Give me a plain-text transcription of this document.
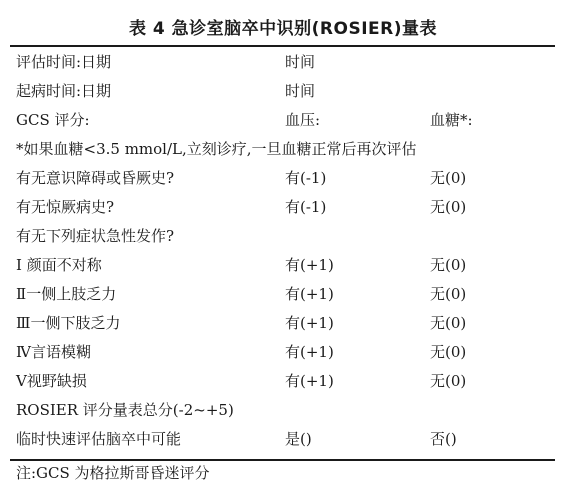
表 4 急诊室脑卒中识别(ROSIER)量表
评估时间:日期	时间
起病时间:日期	时间
GCS 评分:	血压:	血糖*:
*如果血糖<3.5 mmol/L,立刻诊疗,一旦血糖正常后再次评估
有无意识障碍或昏厥史?	有(-1)	无(0)
有无惊厥病史?	有(-1)	无(0)
有无下列症状急性发作?
Ⅰ 颜面不对称	有(+1)	无(0)
Ⅱ一侧上肢乏力	有(+1)	无(0)
Ⅲ一侧下肢乏力	有(+1)	无(0)
Ⅳ言语模糊	有(+1)	无(0)
Ⅴ视野缺损	有(+1)	无(0)
ROSIER 评分量表总分(-2~+5)
临时快速评估脑卒中可能	是()	否()
注:GCS 为格拉斯哥昏迷评分
